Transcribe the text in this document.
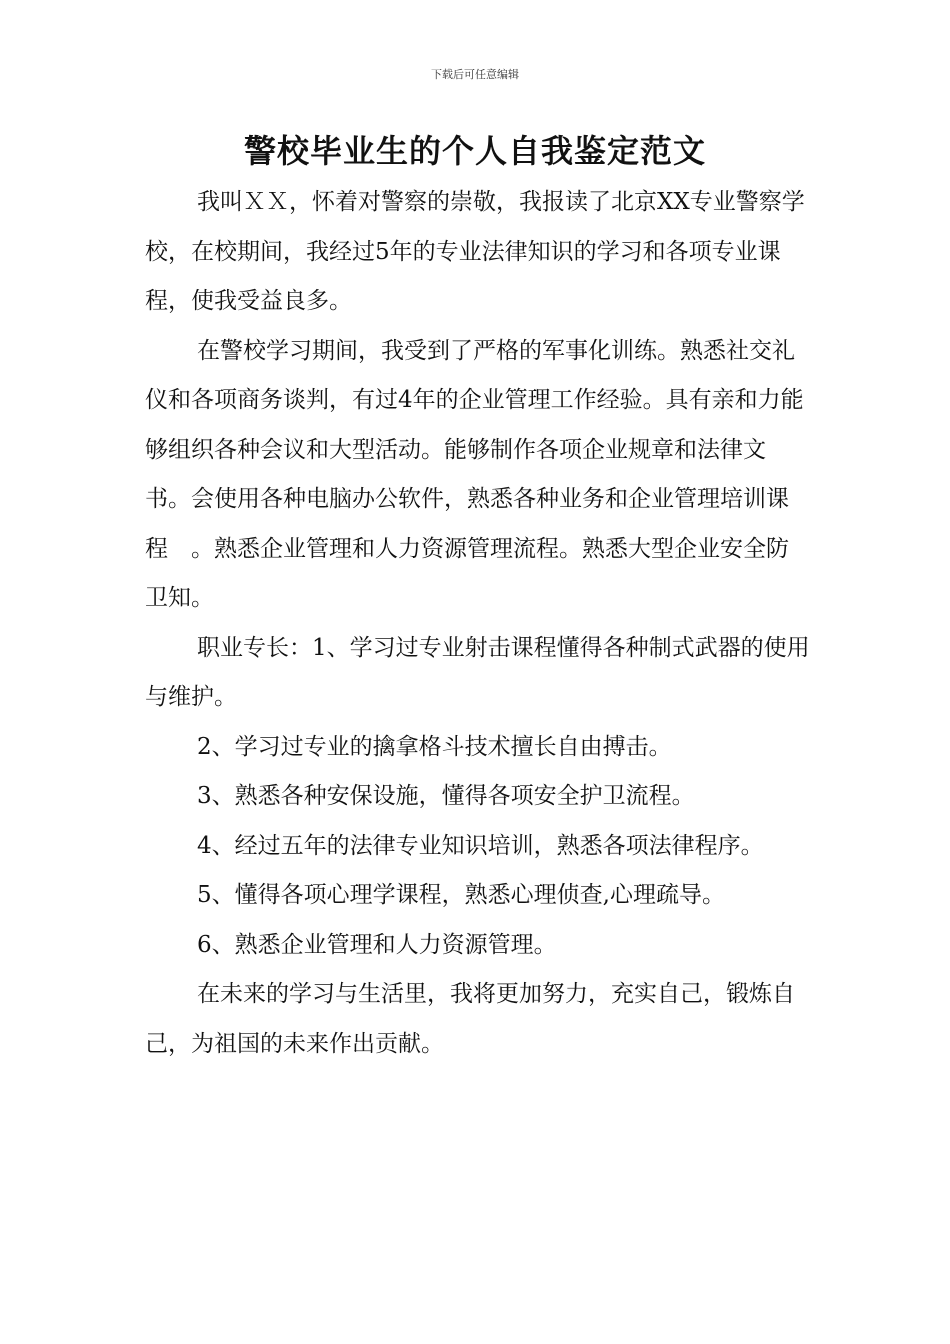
下载后可任意编辑
警校毕业生的个人自我鉴定范文

我叫ＸＸ，怀着对警察的崇敬，我报读了北京XX专业警察学校，在校期间，我经过5年的专业法律知识的学习和各项专业课程，使我受益良多。

在警校学习期间，我受到了严格的军事化训练。熟悉社交礼仪和各项商务谈判，有过4年的企业管理工作经验。具有亲和力能够组织各种会议和大型活动。能够制作各项企业规章和法律文书。会使用各种电脑办公软件，熟悉各种业务和企业管理培训课程　。熟悉企业管理和人力资源管理流程。熟悉大型企业安全防卫知。

职业专长：1、学习过专业射击课程懂得各种制式武器的使用与维护。

2、学习过专业的擒拿格斗技术擅长自由搏击。

3、熟悉各种安保设施，懂得各项安全护卫流程。

4、经过五年的法律专业知识培训，熟悉各项法律程序。

5、懂得各项心理学课程，熟悉心理侦查,心理疏导。

6、熟悉企业管理和人力资源管理。

在未来的学习与生活里，我将更加努力，充实自己，锻炼自己，为祖国的未来作出贡献。
